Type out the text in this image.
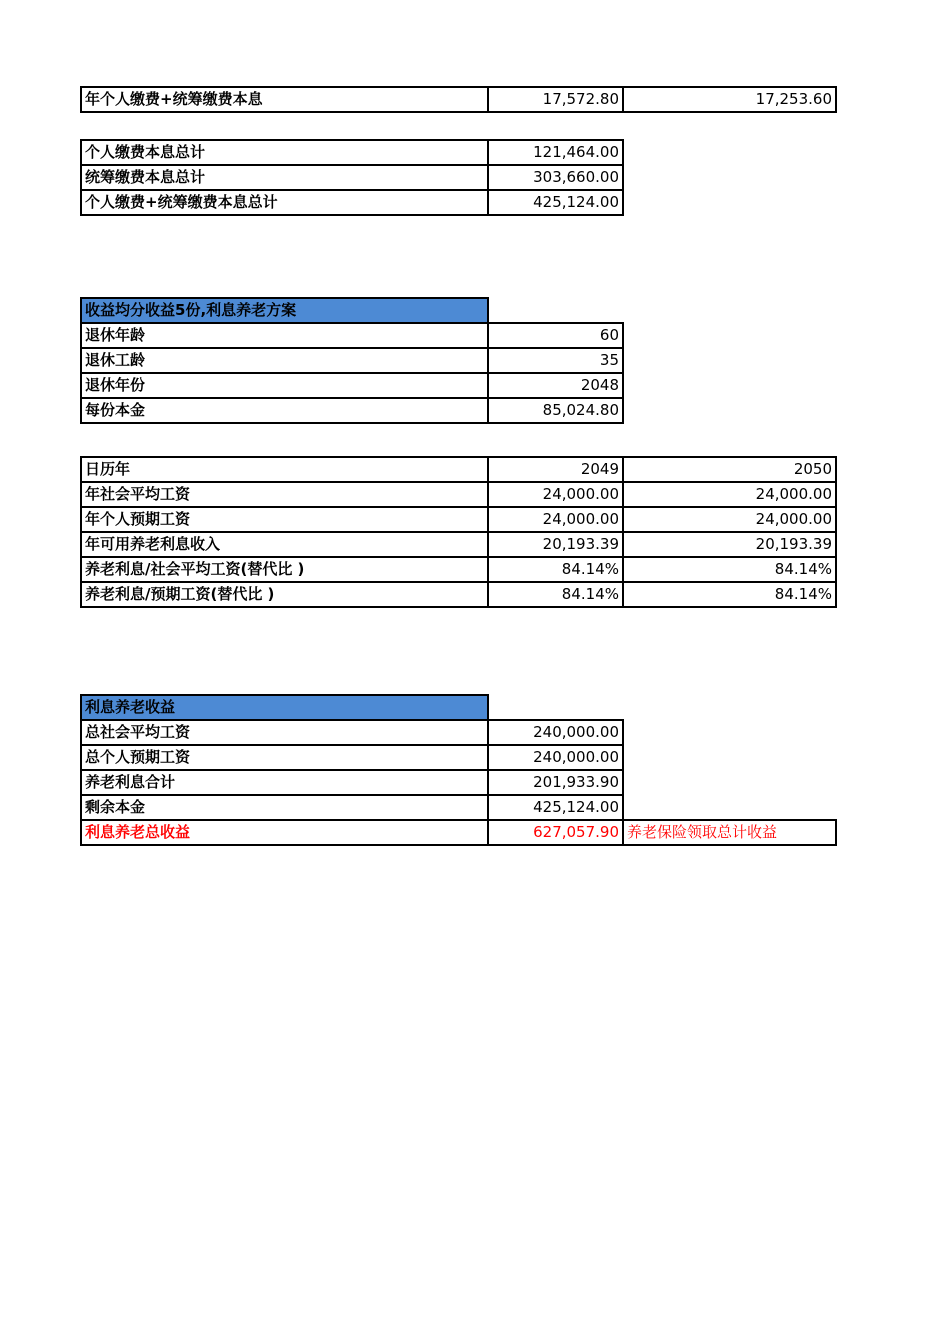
年个人缴费+统筹缴费本息	17,572.80	17,253.60
个人缴费本息总计	121,464.00
统筹缴费本息总计	303,660.00
个人缴费+统筹缴费本息总计	425,124.00
收益均分收益5份,利息养老方案	
退休年龄	60
退休工龄	35
退休年份	2048
每份本金	85,024.80
日历年	2049	2050
年社会平均工资	24,000.00	24,000.00
年个人预期工资	24,000.00	24,000.00
年可用养老利息收入	20,193.39	20,193.39
养老利息/社会平均工资(替代比 )	84.14%	84.14%
养老利息/预期工资(替代比 )	84.14%	84.14%
利息养老收益		
总社会平均工资	240,000.00	
总个人预期工资	240,000.00	
养老利息合计	201,933.90	
剩余本金	425,124.00	
利息养老总收益	627,057.90	养老保险领取总计收益
